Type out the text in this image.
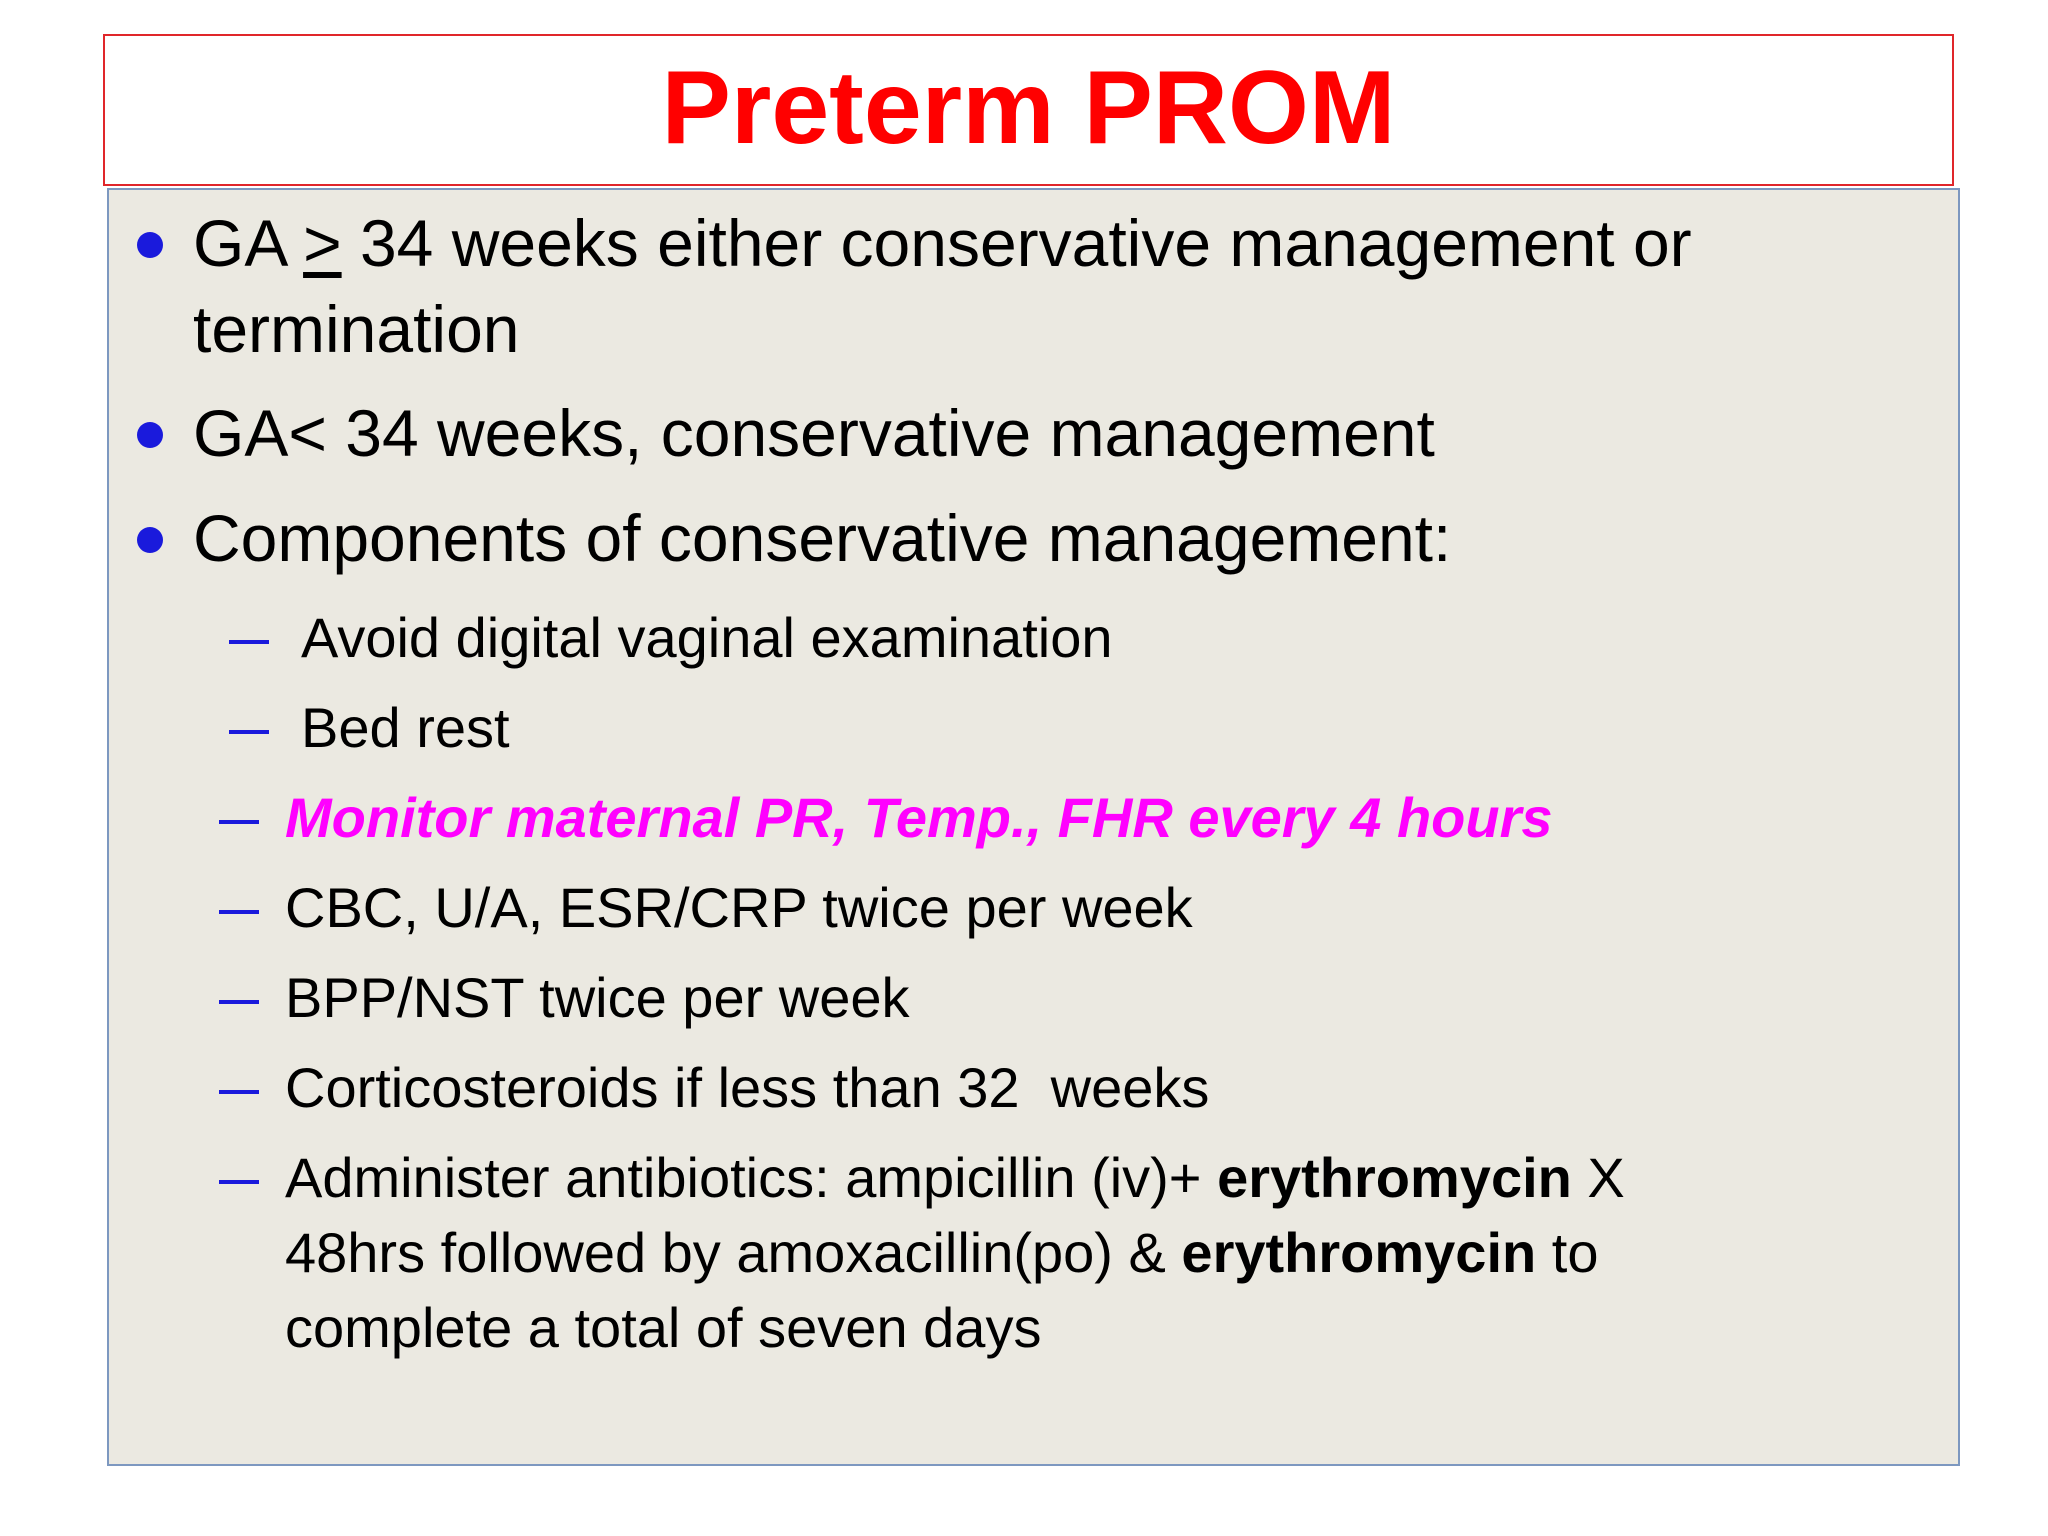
Preterm PROM
GA ≥ 34 weeks either conservative management or
termination
GA< 34 weeks, conservative management
Components of conservative management:
Avoid digital vaginal examination
Bed rest
Monitor maternal PR, Temp., FHR every 4 hours
CBC, U/A, ESR/CRP twice per week
BPP/NST twice per week
Corticosteroids if less than 32  weeks
Administer antibiotics: ampicillin (iv)+ erythromycin X
48hrs followed by amoxacillin(po) & erythromycin to
complete a total of seven days
